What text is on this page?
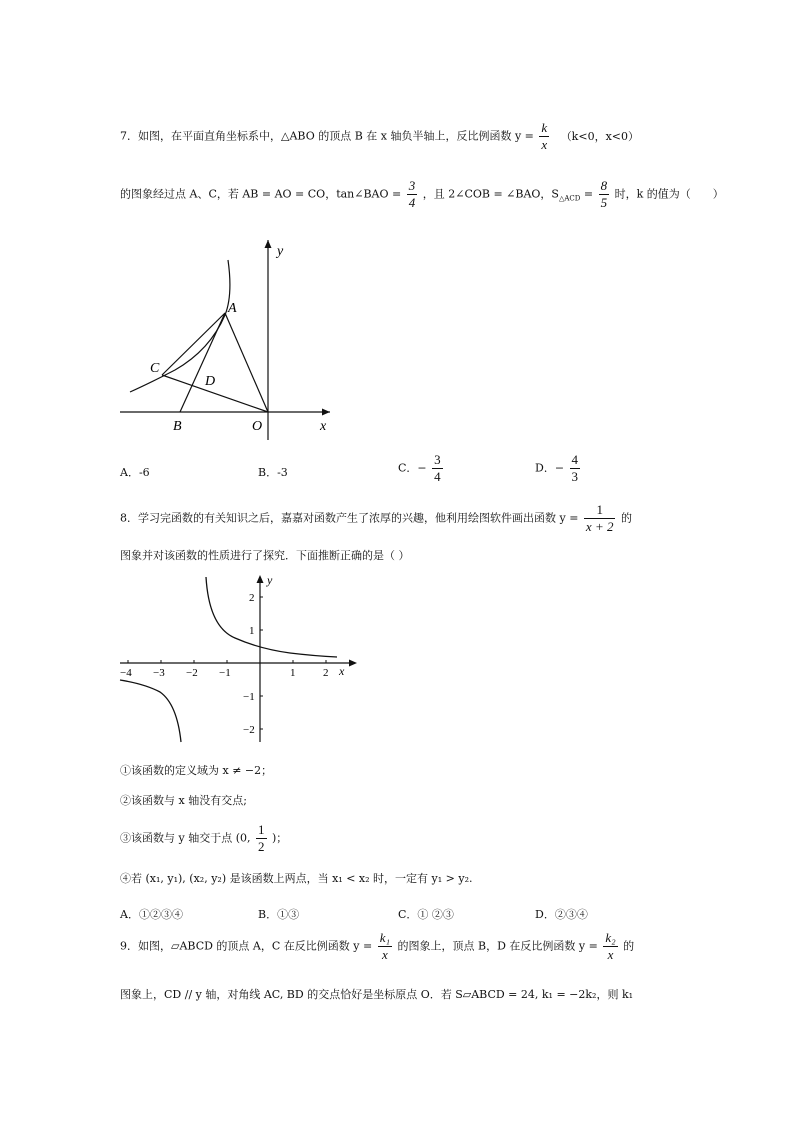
7．如图，在平面直角坐标系中，△ABO 的顶点 B 在 x 轴负半轴上，反比例函数 $y = \frac{k}{x} (k<0$，x<0）
的图象经过点 A、C，若 AB = AO = CO，tan∠BAO = $\frac{3}{4}$ ，且 2∠COB = ∠BAO，$S_{\triangle ACD} = \frac{8}{5}$ 时，k 的值为（　　）
y
A
C
D
B	O	x
A．-6	B．-3	C．− $\frac{3}{4}$	D．− $\frac{4}{3}$
8．学习完函数的有关知识之后，嘉嘉对函数产生了浓厚的兴趣，他利用绘图软件画出函数 $y = \frac{1}{x + 2}$ 的
图象并对该函数的性质进行了探究．下面推断正确的是（ ）
−4 −3 −2 −1	1	2
2
1
−1
−2
x
y
①该函数的定义域为 x ≠ −2；
②该函数与 x 轴没有交点;
③该函数与 y 轴交于点 (0, $\frac{1}{2}$ )；
④若 (x₁, y₁), (x₂, y₂) 是该函数上两点，当 x₁ < x₂ 时，一定有 y₁ > y₂.
A．①②③④	B．①③	C．① ②③	D．②③④
9．如图，▱ABCD 的顶点 A，C 在反比例函数 $y = \frac{\text{k₁}}{x}$ 的图象上，顶点 B，D 在反比例函数 $y = \frac{\text{k₂}}{x}$ 的
图象上，CD // y 轴，对角线 AC, BD 的交点恰好是坐标原点 O．若 S▱ABCD = 24, k₁ = −2k₂，则 k₁
